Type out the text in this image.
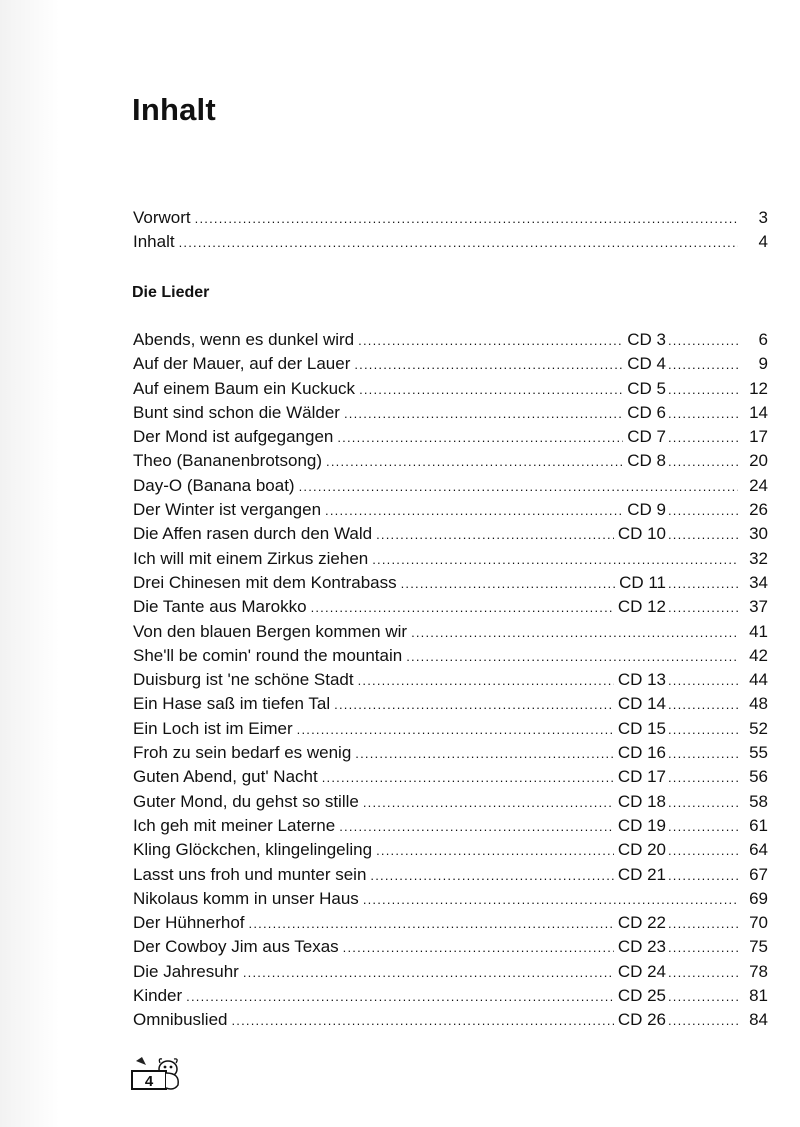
Inhalt
Vorwort .....	3
Inhalt .....	4
Die Lieder
Abends, wenn es dunkel wird .....	CD 3 .....	6
Auf der Mauer, auf der Lauer .....	CD 4 .....	9
Auf einem Baum ein Kuckuck .....	CD 5 .....	12
Bunt sind schon die Wälder .....	CD 6 .....	14
Der Mond ist aufgegangen .....	CD 7 .....	17
Theo (Bananenbrotsong) .....	CD 8 .....	20
Day-O (Banana boat) .....	24
Der Winter ist vergangen .....	CD 9 .....	26
Die Affen rasen durch den Wald .....	CD 10 .....	30
Ich will mit einem Zirkus ziehen .....	32
Drei Chinesen mit dem Kontrabass .....	CD 11 .....	34
Die Tante aus Marokko .....	CD 12 .....	37
Von den blauen Bergen kommen wir .....	41
She'll be comin' round the mountain .....	42
Duisburg ist 'ne schöne Stadt .....	CD 13 .....	44
Ein Hase saß im tiefen Tal .....	CD 14 .....	48
Ein Loch ist im Eimer .....	CD 15 .....	52
Froh zu sein bedarf es wenig .....	CD 16 .....	55
Guten Abend, gut' Nacht .....	CD 17 .....	56
Guter Mond, du gehst so stille .....	CD 18 .....	58
Ich geh mit meiner Laterne .....	CD 19 .....	61
Kling Glöckchen, klingelingeling .....	CD 20 .....	64
Lasst uns froh und munter sein .....	CD 21 .....	67
Nikolaus komm in unser Haus .....	69
Der Hühnerhof .....	CD 22 .....	70
Der Cowboy Jim aus Texas .....	CD 23 .....	75
Die Jahresuhr .....	CD 24 .....	78
Kinder .....	CD 25 .....	81
Omnibuslied .....	CD 26 .....	84
4
